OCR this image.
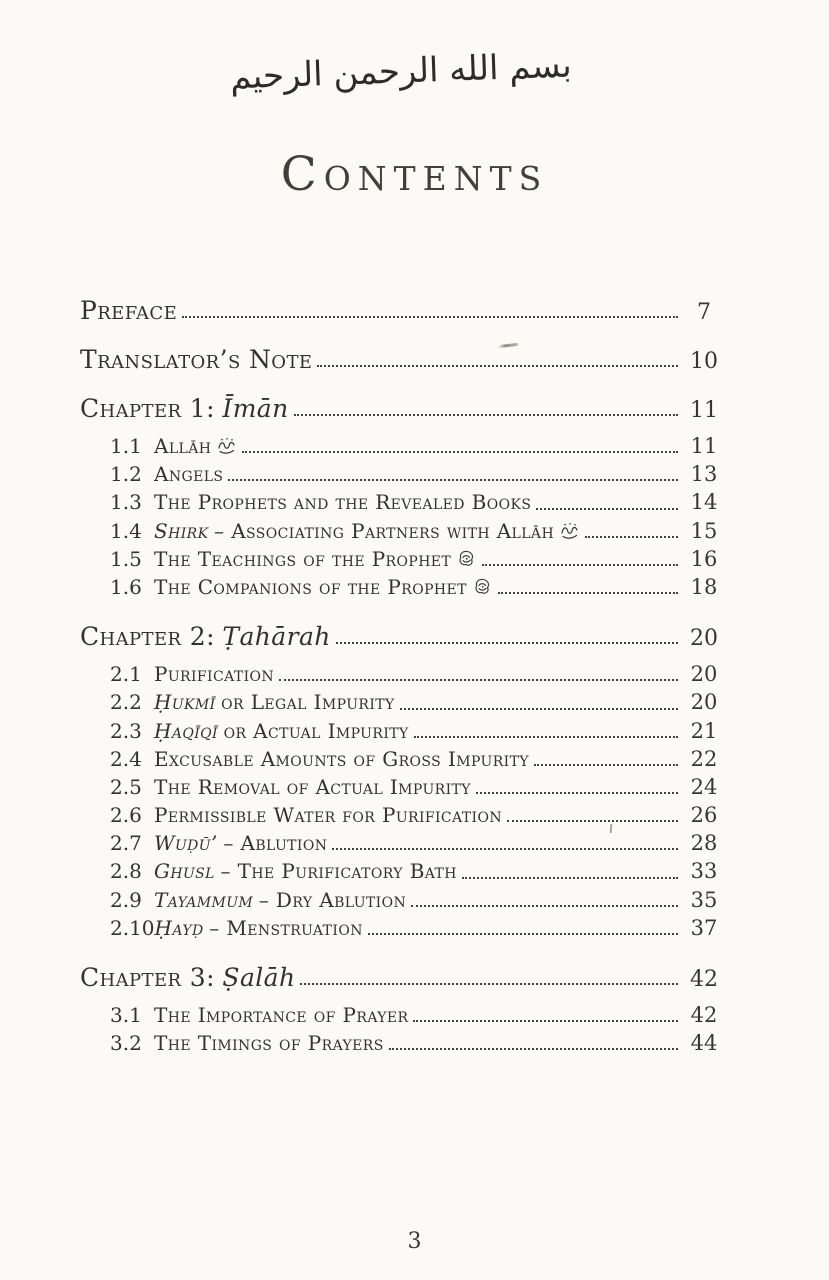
بسم الله الرحمن الرحيم
Contents
Preface	7
Translator’s Note	10
Chapter 1: Īmān	11
1.1 Allāh	11
1.2 Angels	13
1.3 The Prophets and the Revealed Books	14
1.4 Shirk – Associating Partners with Allāh	15
1.5 The Teachings of the Prophet	16
1.6 The Companions of the Prophet	18
Chapter 2: Ṭahārah	20
2.1 Purification	20
2.2 Ḥukmī or Legal Impurity	20
2.3 Ḥaqīqī or Actual Impurity	21
2.4 Excusable Amounts of Gross Impurity	22
2.5 The Removal of Actual Impurity	24
2.6 Permissible Water for Purification	26
2.7 Wuḍū’ – Ablution	28
2.8 Ghusl – The Purificatory Bath	33
2.9 Tayammum – Dry Ablution	35
2.10 Ḥayḍ – Menstruation	37
Chapter 3: Ṣalāh	42
3.1 The Importance of Prayer	42
3.2 The Timings of Prayers	44
3
